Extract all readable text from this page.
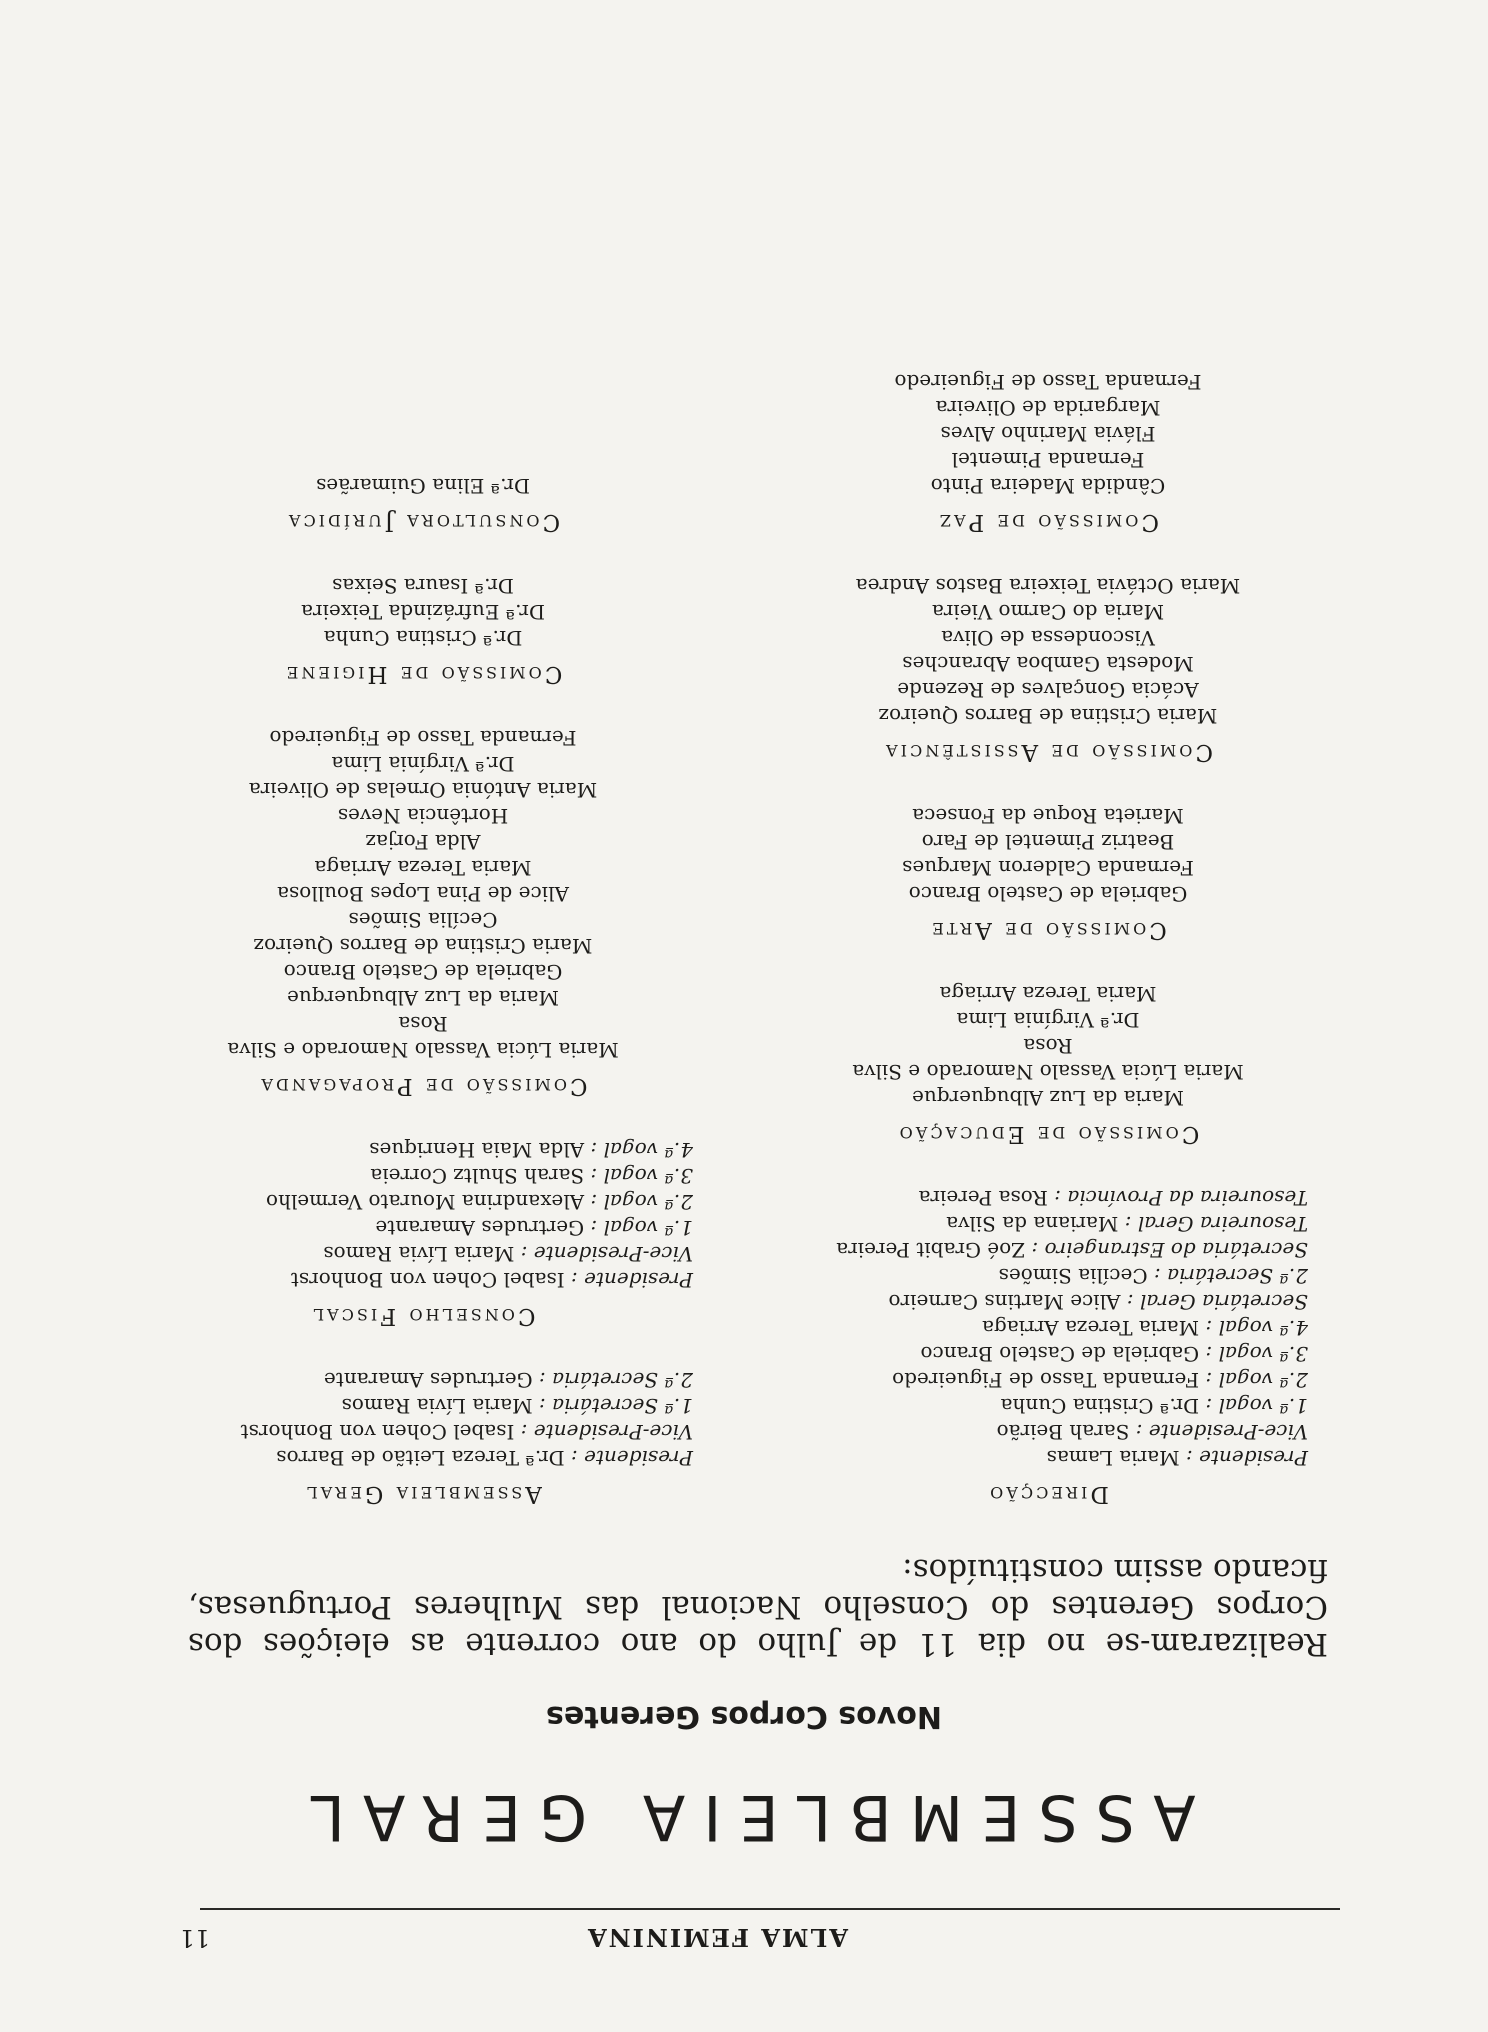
ALMA FEMININA
11
ASSEMBLEIA GERAL
Novos Corpos Gerentes
Realizaram-se no dia 11 de Julho do ano corrente as eleições dos Corpos Gerentes do Conselho Nacional das Mulheres Portuguesas, ficando assim constituídos:
Direcção
Presidente : Maria Lamas
Vice-Presidente : Sarah Beirão
1.ª vogal : Dr.ª Cristina Cunha
2.ª vogal : Fernanda Tasso de Figueiredo
3.ª vogal : Gabriela de Castelo Branco
4.ª vogal : Maria Tereza Arriaga
Secretária Geral : Alice Martins Carneiro
2.ª Secretária : Cecília Simões
Secretária do Estrangeiro : Zoé Grabit Pereira
Tesoureira Geral : Mariana da Silva
Tesoureira da Província : Rosa Pereira
Comissão de Educação
Maria da Luz Albuquerque
Maria Lúcia Vassalo Namorado e Silva
Rosa
Dr.ª Virgínia Lima
Maria Tereza Arriaga
Comissão de Arte
Gabriela de Castelo Branco
Fernanda Calderon Marques
Beatriz Pimentel de Faro
Marieta Roque da Fonseca
Comissão de Assistência
Maria Cristina de Barros Queiroz
Acácia Gonçalves de Rezende
Modesta Gamboa Abranches
Viscondessa de Oliva
Maria do Carmo Vieira
Maria Octávia Teixeira Bastos Andrea
Comissão de Paz
Cândida Madeira Pinto
Fernanda Pimentel
Flávia Marinho Alves
Margarida de Oliveira
Fernanda Tasso de Figueiredo
Assembleia Geral
Presidente : Dr.ª Tereza Leitão de Barros
Vice-Presidente : Isabel Cohen von Bonhorst
1.ª Secretária : Maria Lívia Ramos
2.ª Secretária : Gertrudes Amarante
Conselho Fiscal
Presidente : Isabel Cohen von Bonhorst
Vice-Presidente : Maria Lívia Ramos
1.ª vogal : Gertrudes Amarante
2.ª vogal : Alexandrina Mourato Vermelho
3.ª vogal : Sarah Shultz Correia
4.ª vogal : Alda Maia Henriques
Comissão de Propaganda
Maria Lúcia Vassalo Namorado e Silva
Rosa
Maria da Luz Albuquerque
Gabriela de Castelo Branco
Maria Cristina de Barros Queiroz
Cecília Simões
Alice de Pina Lopes Boullosa
Maria Tereza Arriaga
Alda Forjaz
Hortência Neves
Maria Antónia Ornelas de Oliveira
Dr.ª Virgínia Lima
Fernanda Tasso de Figueiredo
Comissão de Higiene
Dr.ª Cristina Cunha
Dr.ª Eufrázinda Teixeira
Dr.ª Isaura Seixas
Consultora Jurídica
Dr.ª Elina Guimarães
